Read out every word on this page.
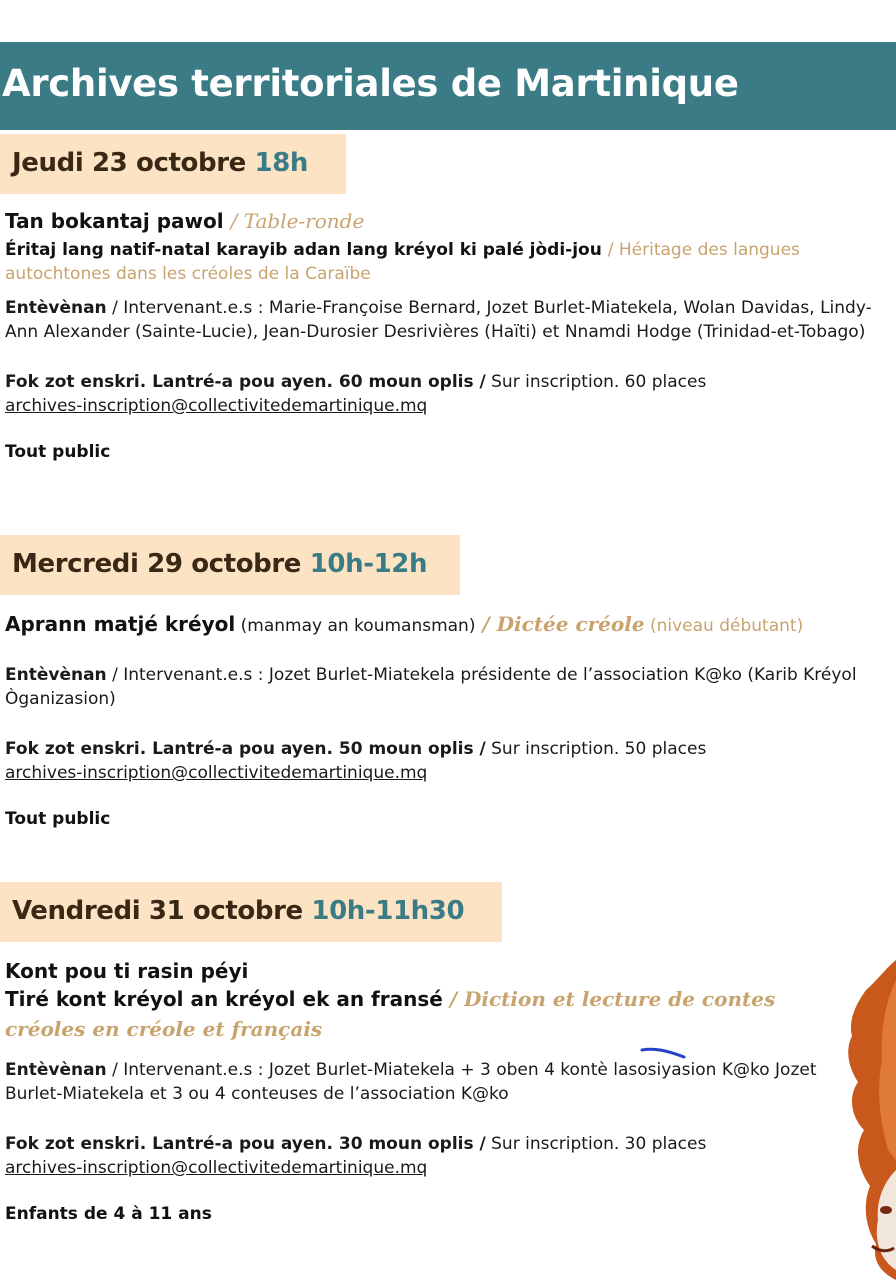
Archives territoriales de Martinique
Jeudi 23 octobre 18h
Tan bokantaj pawol / Table-ronde
Éritaj lang natif-natal karayib adan lang kréyol ki palé jòdi-jou / Héritage des langues autochtones dans les créoles de la Caraïbe
Entèvènan / Intervenant.e.s : Marie-Françoise Bernard, Jozet Burlet-Miatekela, Wolan Davidas, Lindy-Ann Alexander (Sainte-Lucie), Jean-Durosier Desrivières (Haïti) et Nnamdi Hodge (Trinidad-et-Tobago)
Fok zot enskri. Lantré-a pou ayen. 60 moun oplis / Sur inscription. 60 places
archives-inscription@collectivitedemartinique.mq
Tout public
Mercredi 29 octobre 10h-12h
Aprann matjé kréyol (manmay an koumansman) / Dictée créole (niveau débutant)
Entèvènan / Intervenant.e.s : Jozet Burlet-Miatekela présidente de l’association K@ko (Karib Kréyol Òganizasion)
Fok zot enskri. Lantré-a pou ayen. 50 moun oplis / Sur inscription. 50 places
archives-inscription@collectivitedemartinique.mq
Tout public
Vendredi 31 octobre 10h-11h30
Kont pou ti rasin péyi
Tiré kont kréyol an kréyol ek an fransé / Diction et lecture de contes créoles en créole et français
Entèvènan / Intervenant.e.s : Jozet Burlet-Miatekela + 3 oben 4 kontè lasosiyasion K@ko Jozet Burlet-Miatekela et 3 ou 4 conteuses de l’association K@ko
Fok zot enskri. Lantré-a pou ayen. 30 moun oplis / Sur inscription. 30 places
archives-inscription@collectivitedemartinique.mq
Enfants de 4 à 11 ans
